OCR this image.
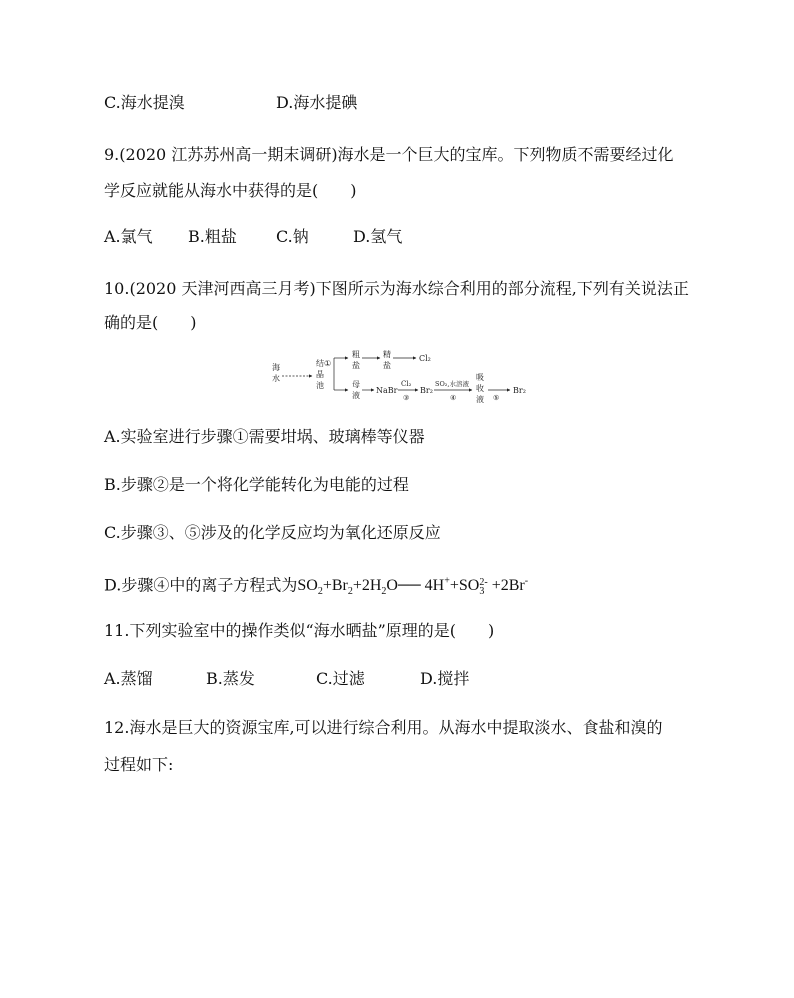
C.海水提溴	D.海水提碘
9.(2020 江苏苏州高一期末调研)海水是一个巨大的宝库。下列物质不需要经过化
学反应就能从海水中获得的是(　　)
A.氯气 B.粗盐 C.钠	D.氢气
10.(2020 天津河西高三月考)下图所示为海水综合利用的部分流程,下列有关说法正
确的是(　　)
海
水
结 ①
晶
池
粗
盐
精
盐
Cl₂
母
液
NaBr
Cl₂
③
Br₂
SO₂,水溶液
④
吸
收
液 ⑤
Br₂
A.实验室进行步骤①需要坩埚、玻璃棒等仪器
B.步骤②是一个将化学能转化为电能的过程
C.步骤③、⑤涉及的化学反应均为氧化还原反应
D.步骤④中的离子方程式为$SO_2+Br_2+2H_2O──$ 4H++SO 2-
3 +2Br-
11.下列实验室中的操作类似“海水晒盐”原理的是(　　)
A.蒸馏	B.蒸发	C.过滤	D.搅拌
12.海水是巨大的资源宝库,可以进行综合利用。从海水中提取淡水、食盐和溴的
过程如下:
